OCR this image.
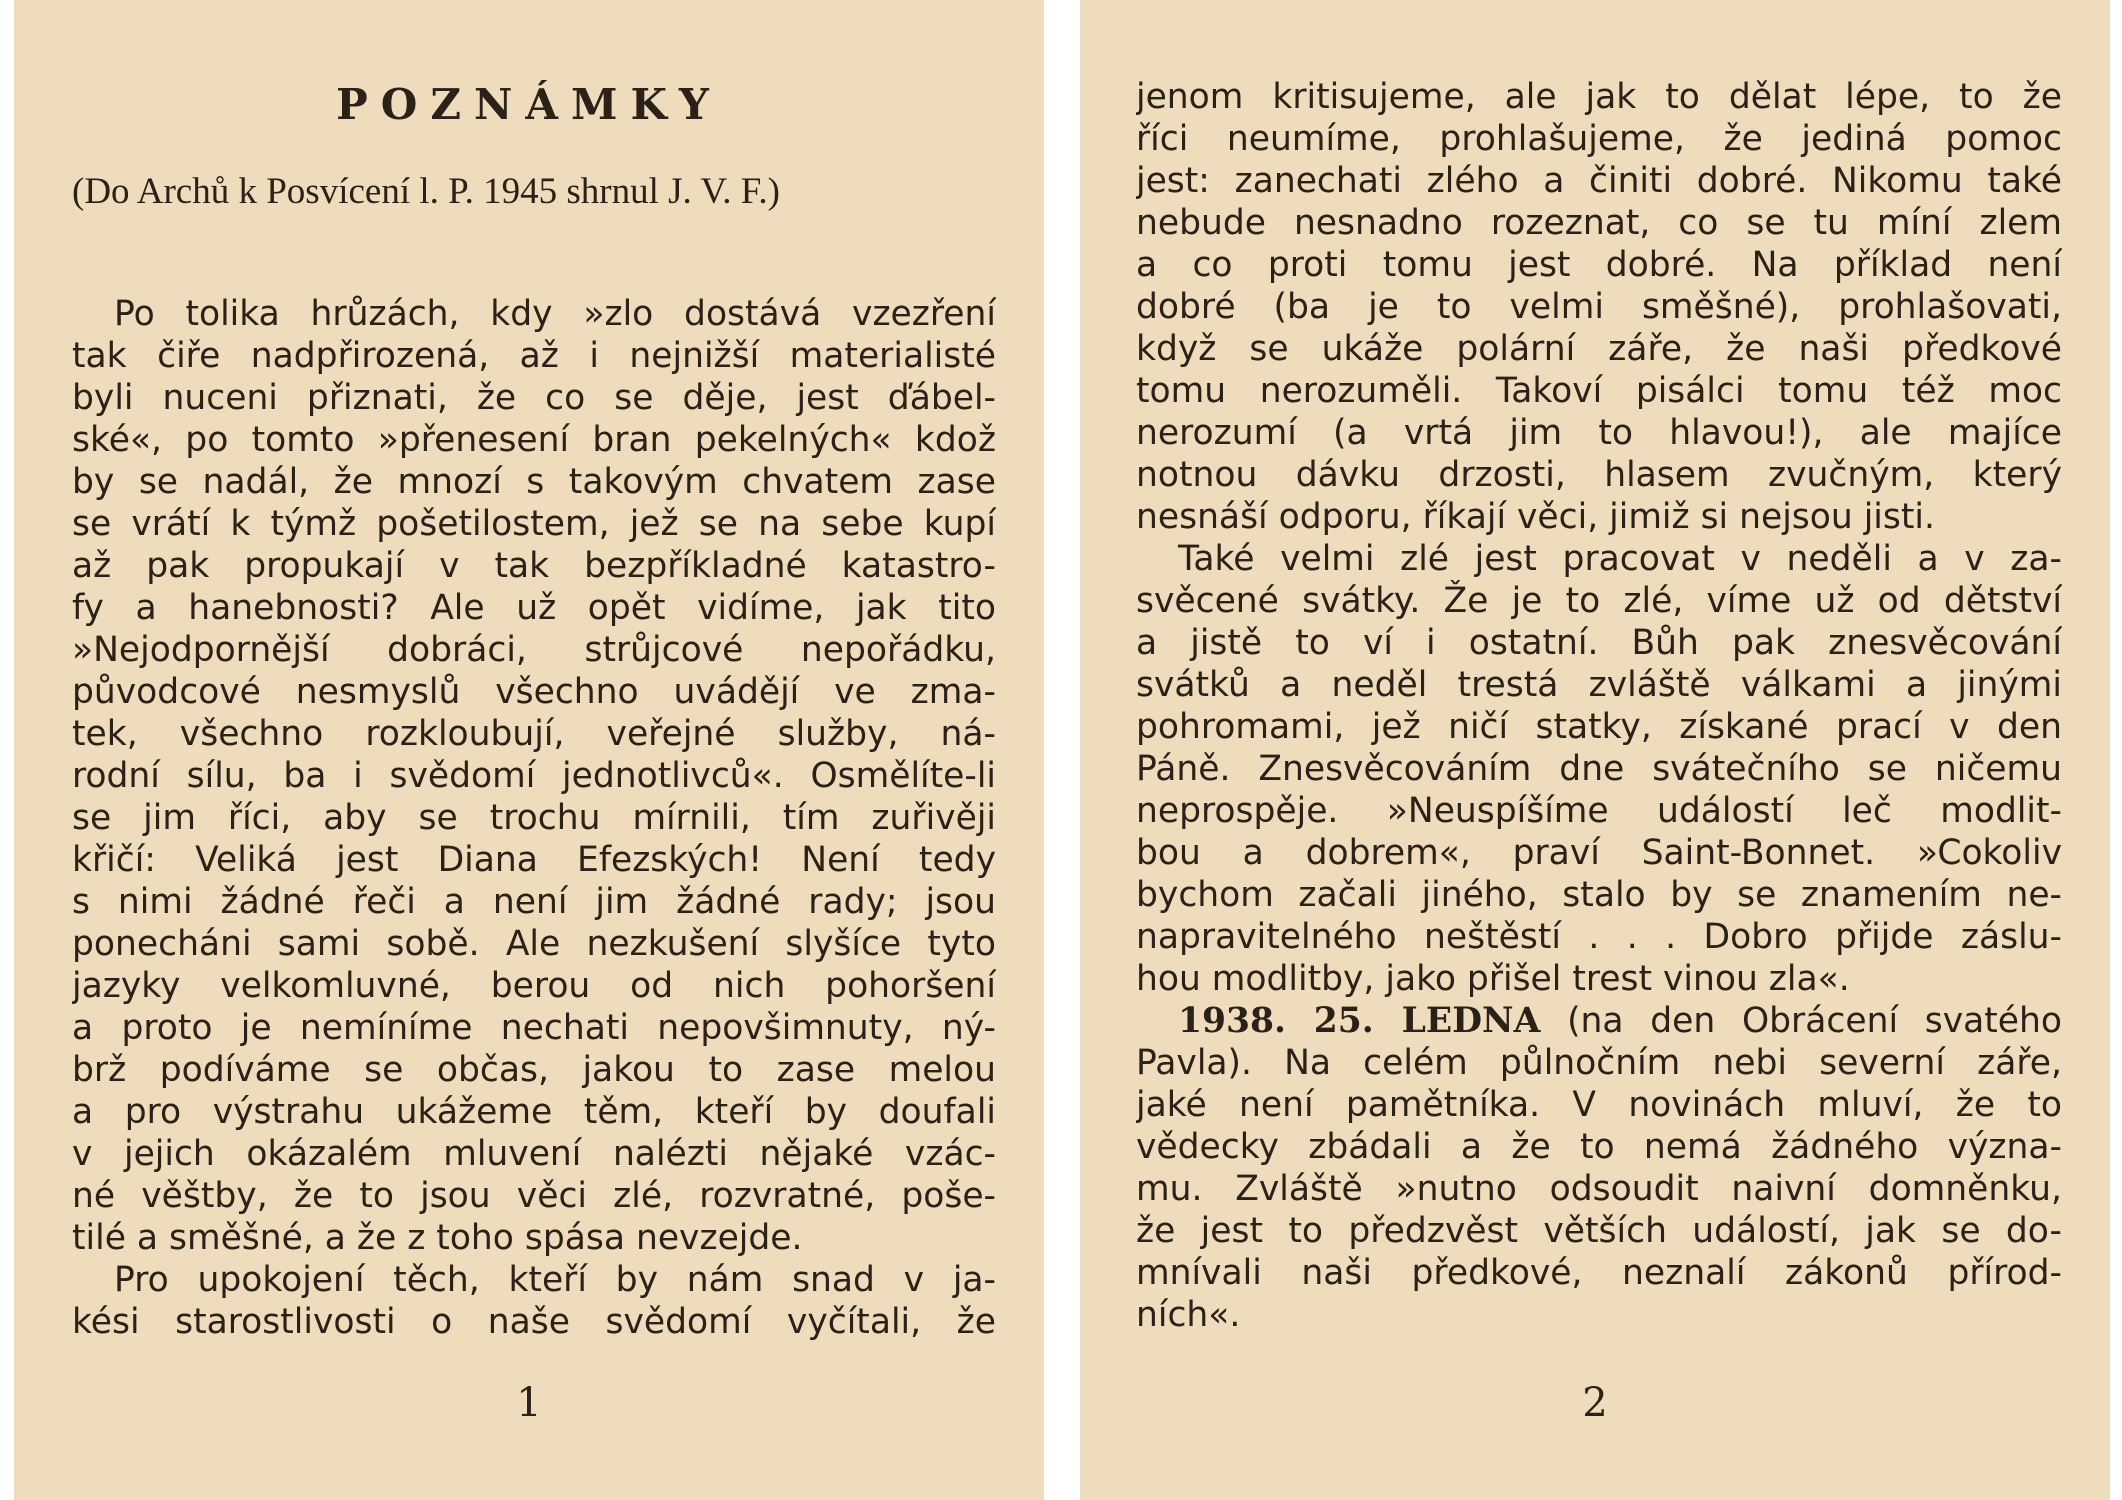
POZNÁMKY

(Do Archů k Posvícení l. P. 1945 shrnul J. V. F.)

Po tolika hrůzách, kdy »zlo dostává vzezření
tak čiře nadpřirozená, až i nejnižší materialisté
byli nuceni přiznati, že co se děje, jest ďábel-
ské«, po tomto »přenesení bran pekelných« kdož
by se nadál, že mnozí s takovým chvatem zase
se vrátí k týmž pošetilostem, jež se na sebe kupí
až pak propukají v tak bezpříkladné katastro-
fy a hanebnosti? Ale už opět vidíme, jak tito
»Nejodpornější dobráci, strůjcové nepořádku,
původcové nesmyslů všechno uvádějí ve zma-
tek, všechno rozkloubují, veřejné služby, ná-
rodní sílu, ba i svědomí jednotlivců«. Osmělíte-li
se jim říci, aby se trochu mírnili, tím zuřivěji
křičí: Veliká jest Diana Efezských! Není tedy
s nimi žádné řeči a není jim žádné rady; jsou
ponecháni sami sobě. Ale nezkušení slyšíce tyto
jazyky velkomluvné, berou od nich pohoršení
a proto je nemíníme nechati nepovšimnuty, ný-
brž podíváme se občas, jakou to zase melou
a pro výstrahu ukážeme těm, kteří by doufali
v jejich okázalém mluvení nalézti nějaké vzác-
né věštby, že to jsou věci zlé, rozvratné, poše-
tilé a směšné, a že z toho spása nevzejde.
Pro upokojení těch, kteří by nám snad v ja-
kési starostlivosti o naše svědomí vyčítali, že

1

jenom kritisujeme, ale jak to dělat lépe, to že
říci neumíme, prohlašujeme, že jediná pomoc
jest: zanechati zlého a činiti dobré. Nikomu také
nebude nesnadno rozeznat, co se tu míní zlem
a co proti tomu jest dobré. Na příklad není
dobré (ba je to velmi směšné), prohlašovati,
když se ukáže polární záře, že naši předkové
tomu nerozuměli. Takoví pisálci tomu též moc
nerozumí (a vrtá jim to hlavou!), ale majíce
notnou dávku drzosti, hlasem zvučným, který
nesnáší odporu, říkají věci, jimiž si nejsou jisti.
Také velmi zlé jest pracovat v neděli a v za-
svěcené svátky. Že je to zlé, víme už od dětství
a jistě to ví i ostatní. Bůh pak znesvěcování
svátků a neděl trestá zvláště válkami a jinými
pohromami, jež ničí statky, získané prací v den
Páně. Znesvěcováním dne svátečního se ničemu
neprospěje. »Neuspíšíme událostí leč modlit-
bou a dobrem«, praví Saint-Bonnet. »Cokoliv
bychom začali jiného, stalo by se znamením ne-
napravitelného neštěstí . . . Dobro přijde záslu-
hou modlitby, jako přišel trest vinou zla«.
1938. 25. LEDNA (na den Obrácení svatého
Pavla). Na celém půlnočním nebi severní záře,
jaké není pamětníka. V novinách mluví, že to
vědecky zbádali a že to nemá žádného význa-
mu. Zvláště »nutno odsoudit naivní domněnku,
že jest to předzvěst větších událostí, jak se do-
mnívali naši předkové, neznalí zákonů přírod-
ních«.

2
